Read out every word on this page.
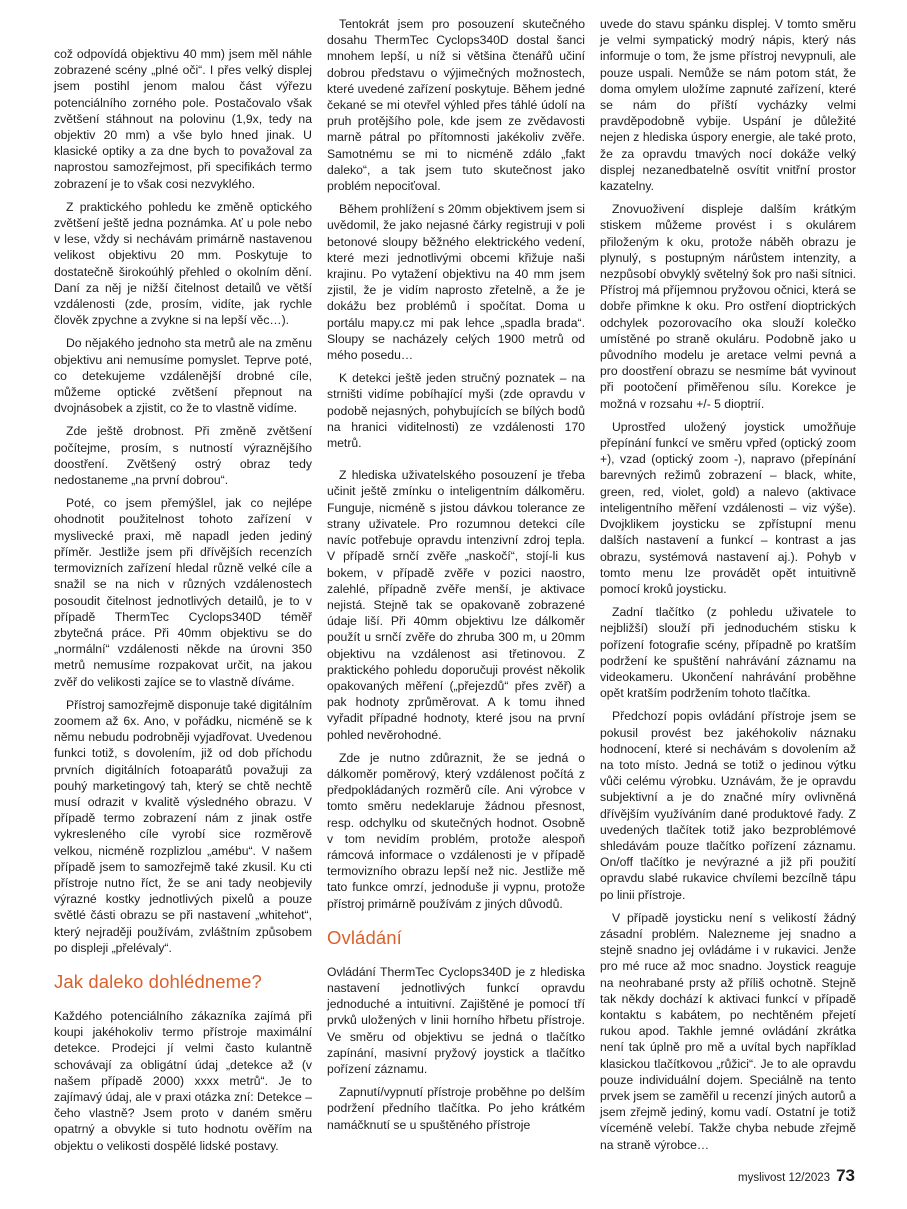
což odpovídá objektivu 40 mm) jsem měl náhle zobrazené scény „plné oči“. I přes velký displej jsem postihl jenom malou část výřezu potenciálního zorného pole. Postačovalo však zvětšení stáhnout na polovinu (1,9x, tedy na objektiv 20 mm) a vše bylo hned jinak. U klasické optiky a za dne bych to považoval za naprostou samozřejmost, při specifikách termo zobrazení je to však cosi nezvyklého.

Z praktického pohledu ke změně optického zvětšení ještě jedna poznámka. Ať u pole nebo v lese, vždy si nechávám primárně nastavenou velikost objektivu 20 mm. Poskytuje to dostatečně širokoúhlý přehled o okolním dění. Daní za něj je nižší čitelnost detailů ve větší vzdálenosti (zde, prosím, vidíte, jak rychle člověk zpychne a zvykne si na lepší věc…).

Do nějakého jednoho sta metrů ale na změnu objektivu ani nemusíme pomyslet. Teprve poté, co detekujeme vzdálenější drobné cíle, můžeme optické zvětšení přepnout na dvojnásobek a zjistit, co že to vlastně vidíme.

Zde ještě drobnost. Při změně zvětšení počítejme, prosím, s nutností výraznějšího doostření. Zvětšený ostrý obraz tedy nedostaneme „na první dobrou“.

Poté, co jsem přemýšlel, jak co nejlépe ohodnotit použitelnost tohoto zařízení v myslivecké praxi, mě napadl jeden jediný příměr. Jestliže jsem při dřívějších recenzích termovizních zařízení hledal různě velké cíle a snažil se na nich v různých vzdálenostech posoudit čitelnost jednotlivých detailů, je to v případě ThermTec Cyclops340D téměř zbytečná práce. Při 40mm objektivu se do „normální“ vzdálenosti někde na úrovni 350 metrů nemusíme rozpakovat určit, na jakou zvěř do velikosti zajíce se to vlastně díváme.

Přístroj samozřejmě disponuje také digitálním zoomem až 6x. Ano, v pořádku, nicméně se k němu nebudu podrobněji vyjadřovat. Uvedenou funkci totiž, s dovolením, již od dob příchodu prvních digitálních fotoaparátů považuji za pouhý marketingový tah, který se chtě nechtě musí odrazit v kvalitě výsledného obrazu. V případě termo zobrazení nám z jinak ostře vykresleného cíle vyrobí sice rozměrově velkou, nicméně rozplizlou „amébu“. V našem případě jsem to samozřejmě také zkusil. Ku cti přístroje nutno říct, že se ani tady neobjevily výrazné kostky jednotlivých pixelů a pouze světlé části obrazu se při nastavení „whitehot“, který nejraději používám, zvláštním způsobem po displeji „přelévaly“.

Jak daleko dohlédneme?

Každého potenciálního zákazníka zajímá při koupi jakéhokoliv termo přístroje maximální detekce. Prodejci jí velmi často kulantně schovávají za obligátní údaj „detekce až (v našem případě 2000) xxxx metrů“. Je to zajímavý údaj, ale v praxi otázka zní: Detekce – čeho vlastně? Jsem proto v daném směru opatrný a obvykle si tuto hodnotu ověřím na objektu o velikosti dospělé lidské postavy.

Tentokrát jsem pro posouzení skutečného dosahu ThermTec Cyclops340D dostal šanci mnohem lepší, u níž si většina čtenářů učiní dobrou představu o výjimečných možnostech, které uvedené zařízení poskytuje. Během jedné čekané se mi otevřel výhled přes táhlé údolí na pruh protějšího pole, kde jsem ze zvědavosti marně pátral po přítomnosti jakékoliv zvěře. Samotnému se mi to nicméně zdálo „fakt daleko“, a tak jsem tuto skutečnost jako problém nepociťoval.

Během prohlížení s 20mm objektivem jsem si uvědomil, že jako nejasné čárky registruji v poli betonové sloupy běžného elektrického vedení, které mezi jednotlivými obcemi křižuje naši krajinu. Po vytažení objektivu na 40 mm jsem zjistil, že je vidím naprosto zřetelně, a že je dokážu bez problémů i spočítat. Doma u portálu mapy.cz mi pak lehce „spadla brada“. Sloupy se nacházely celých 1900 metrů od mého posedu…

K detekci ještě jeden stručný poznatek – na strništi vidíme pobíhající myši (zde opravdu v podobě nejasných, pohybujících se bílých bodů na hranici viditelnosti) ze vzdálenosti 170 metrů.

Z hlediska uživatelského posouzení je třeba učinit ještě zmínku o inteligentním dálkoměru. Funguje, nicméně s jistou dávkou tolerance ze strany uživatele. Pro rozumnou detekci cíle navíc potřebuje opravdu intenzivní zdroj tepla. V případě srnčí zvěře „naskočí“, stojí-li kus bokem, v případě zvěře v pozici naostro, zalehlé, případně zvěře menší, je aktivace nejistá. Stejně tak se opakovaně zobrazené údaje liší. Při 40mm objektivu lze dálkoměr použít u srnčí zvěře do zhruba 300 m, u 20mm objektivu na vzdálenost asi třetinovou. Z praktického pohledu doporučuji provést několik opakovaných měření („přejezdů“ přes zvěř) a pak hodnoty zprůměrovat. A k tomu ihned vyřadit případné hodnoty, které jsou na první pohled nevěrohodné.

Zde je nutno zdůraznit, že se jedná o dálkoměr poměrový, který vzdálenost počítá z předpokládaných rozměrů cíle. Ani výrobce v tomto směru nedeklaruje žádnou přesnost, resp. odchylku od skutečných hodnot. Osobně v tom nevidím problém, protože alespoň rámcová informace o vzdálenosti je v případě termovizního obrazu lepší než nic. Jestliže mě tato funkce omrzí, jednoduše ji vypnu, protože přístroj primárně používám z jiných důvodů.

Ovládání

Ovládání ThermTec Cyclops340D je z hlediska nastavení jednotlivých funkcí opravdu jednoduché a intuitivní. Zajištěné je pomocí tří prvků uložených v linii horního hřbetu přístroje. Ve směru od objektivu se jedná o tlačítko zapínání, masivní pryžový joystick a tlačítko pořízení záznamu.

Zapnutí/vypnutí přístroje proběhne po delším podržení předního tlačítka. Po jeho krátkém namáčknutí se u spuštěného přístroje

uvede do stavu spánku displej. V tomto směru je velmi sympatický modrý nápis, který nás informuje o tom, že jsme přístroj nevypnuli, ale pouze uspali. Nemůže se nám potom stát, že doma omylem uložíme zapnuté zařízení, které se nám do příští vycházky velmi pravděpodobně vybije. Uspání je důležité nejen z hlediska úspory energie, ale také proto, že za opravdu tmavých nocí dokáže velký displej nezanedbatelně osvítit vnitřní prostor kazatelny.

Znovuoživení displeje dalším krátkým stiskem můžeme provést i s okulárem přiloženým k oku, protože náběh obrazu je plynulý, s postupným nárůstem intenzity, a nezpůsobí obvyklý světelný šok pro naši sítnici. Přístroj má příjemnou pryžovou očnici, která se dobře přimkne k oku. Pro ostření dioptrických odchylek pozorovacího oka slouží kolečko umístěné po straně okuláru. Podobně jako u původního modelu je aretace velmi pevná a pro doostření obrazu se nesmíme bát vyvinout při pootočení přiměřenou sílu. Korekce je možná v rozsahu +/- 5 dioptrií.

Uprostřed uložený joystick umožňuje přepínání funkcí ve směru vpřed (optický zoom +), vzad (optický zoom -), napravo (přepínání barevných režimů zobrazení – black, white, green, red, violet, gold) a nalevo (aktivace inteligentního měření vzdálenosti – viz výše). Dvojklikem joysticku se zpřístupní menu dalších nastavení a funkcí – kontrast a jas obrazu, systémová nastavení aj.). Pohyb v tomto menu lze provádět opět intuitivně pomocí kroků joysticku.

Zadní tlačítko (z pohledu uživatele to nejbližší) slouží při jednoduchém stisku k pořízení fotografie scény, případně po kratším podržení ke spuštění nahrávání záznamu na videokameru. Ukončení nahrávání proběhne opět kratším podržením tohoto tlačítka.

Předchozí popis ovládání přístroje jsem se pokusil provést bez jakéhokoliv náznaku hodnocení, které si nechávám s dovolením až na toto místo. Jedná se totiž o jedinou výtku vůči celému výrobku. Uznávám, že je opravdu subjektivní a je do značné míry ovlivněná dřívějším využíváním dané produktové řady. Z uvedených tlačítek totiž jako bezproblémové shledávám pouze tlačítko pořízení záznamu. On/off tlačítko je nevýrazné a již při použití opravdu slabé rukavice chvílemi bezcílně tápu po linii přístroje.

V případě joysticku není s velikostí žádný zásadní problém. Nalezneme jej snadno a stejně snadno jej ovládáme i v rukavici. Jenže pro mé ruce až moc snadno. Joystick reaguje na neohrabané prsty až příliš ochotně. Stejně tak někdy dochází k aktivaci funkcí v případě kontaktu s kabátem, po nechtěném přejetí rukou apod. Takhle jemné ovládání zkrátka není tak úplně pro mě a uvítal bych například klasickou tlačítkovou „růžici“. Je to ale opravdu pouze individuální dojem. Speciálně na tento prvek jsem se zaměřil u recenzí jiných autorů a jsem zřejmě jediný, komu vadí. Ostatní je totiž víceméně velebí. Takže chyba nebude zřejmě na straně výrobce…

myslivost 12/2023 73
